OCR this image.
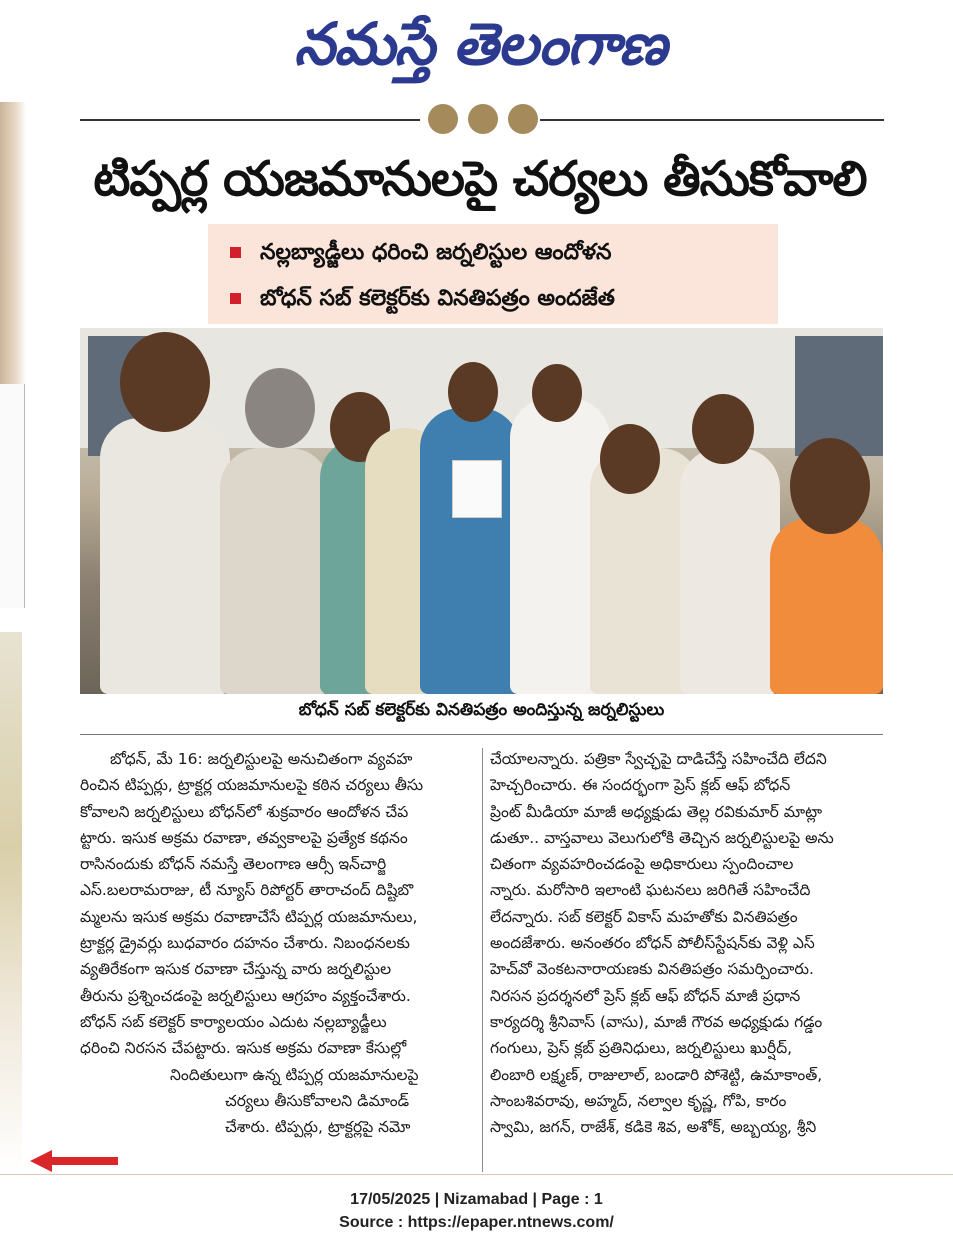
నమస్తే తెలంగాణ
టిప్పర్ల యజమానులపై చర్యలు తీసుకోవాలి
నల్లబ్యాడ్జీలు ధరించి జర్నలిస్టుల ఆందోళన
బోధన్ సబ్ కలెక్టర్‌కు వినతిపత్రం అందజేత
బోధన్ సబ్ కలెక్టర్‌కు వినతిపత్రం అందిస్తున్న జర్నలిస్టులు

బోధన్, మే 16: జర్నలిస్టులపై అనుచితంగా వ్యవహ

రించిన టిప్పర్లు, ట్రాక్టర్ల యజమానులపై కఠిన చర్యలు తీసు

కోవాలని జర్నలిస్టులు బోధన్‌లో శుక్రవారం ఆందోళన చేప

ట్టారు. ఇసుక అక్రమ రవాణా, తవ్వకాలపై ప్రత్యేక కథనం

రాసినందుకు బోధన్ నమస్తే తెలంగాణ ఆర్సీ ఇన్‌చార్జి

ఎస్.బలరామరాజు, టీ న్యూస్ రిపోర్టర్ తారాచంద్ దిష్టిబొ

మ్మలను ఇసుక అక్రమ రవాణాచేసే టిప్పర్ల యజమానులు,

ట్రాక్టర్ల డ్రైవర్లు బుధవారం దహనం చేశారు. నిబంధనలకు

వ్యతిరేకంగా ఇసుక రవాణా చేస్తున్న వారు జర్నలిస్టుల

తీరును ప్రశ్నించడంపై జర్నలిస్టులు ఆగ్రహం వ్యక్తంచేశారు.

బోధన్ సబ్ కలెక్టర్ కార్యాలయం ఎదుట నల్లబ్యాడ్జీలు

ధరించి నిరసన చేపట్టారు. ఇసుక అక్రమ రవాణా కేసుల్లో

నిందితులుగా ఉన్న టిప్పర్ల యజమానులపై

చర్యలు తీసుకోవాలని డిమాండ్

చేశారు. టిప్పర్లు, ట్రాక్టర్లపై నమో

చేయాలన్నారు. పత్రికా స్వేచ్ఛపై దాడిచేస్తే సహించేది లేదని

హెచ్చరించారు. ఈ సందర్భంగా ప్రెస్ క్లబ్ ఆఫ్ బోధన్

ప్రింట్ మీడియా మాజీ అధ్యక్షుడు తెల్ల రవికుమార్ మాట్లా

డుతూ.. వాస్తవాలు వెలుగులోకి తెచ్చిన జర్నలిస్టులపై అను

చితంగా వ్యవహరించడంపై అధికారులు స్పందించాల

న్నారు. మరోసారి ఇలాంటి ఘటనలు జరిగితే సహించేది

లేదన్నారు. సబ్ కలెక్టర్ వికాస్ మహతోకు వినతిపత్రం

అందజేశారు. అనంతరం బోధన్ పోలీస్‌స్టేషన్‌కు వెళ్లి ఎస్

హెచ్‌వో వెంకటనారాయణకు వినతిపత్రం సమర్పించారు.

నిరసన ప్రదర్శనలో ప్రెస్ క్లబ్ ఆఫ్ బోధన్ మాజీ ప్రధాన

కార్యదర్శి శ్రీనివాస్ (వాసు), మాజీ గౌరవ అధ్యక్షుడు గడ్డం

గంగులు, ప్రెస్ క్లబ్ ప్రతినిధులు, జర్నలిస్టులు ఖుర్షీద్,

లింబారి లక్ష్మణ్, రాజులాల్, బండారి పోశెట్టి, ఉమాకాంత్,

సాంబశివరావు, అహ్మద్, నల్వాల కృష్ణ, గోపి, కారం

స్వామి, జగన్, రాజేశ్, కడికె శివ, అశోక్, అబ్బయ్య, శ్రీని

17/05/2025 | Nizamabad | Page : 1
Source : https://epaper.ntnews.com/
